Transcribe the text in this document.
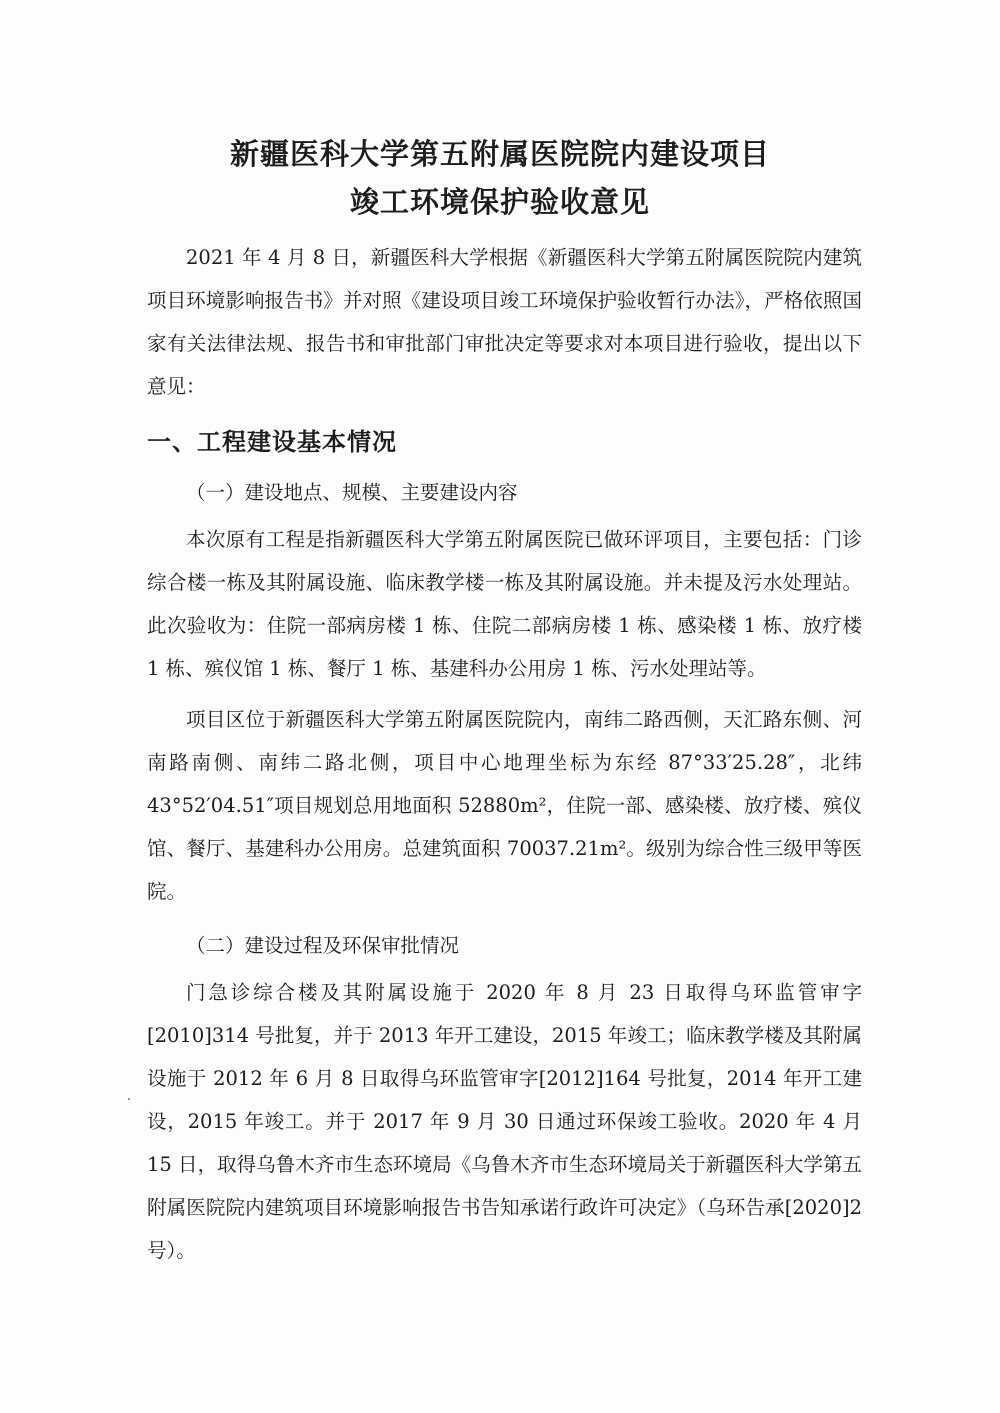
新疆医科大学第五附属医院院内建设项目
竣工环境保护验收意见

2021 年 4 月 8 日，新疆医科大学根据《新疆医科大学第五附属医院院内建筑项目环境影响报告书》并对照《建设项目竣工环境保护验收暂行办法》，严格依照国家有关法律法规、报告书和审批部门审批决定等要求对本项目进行验收，提出以下意见：

一、工程建设基本情况

（一）建设地点、规模、主要建设内容

本次原有工程是指新疆医科大学第五附属医院已做环评项目，主要包括：门诊综合楼一栋及其附属设施、临床教学楼一栋及其附属设施。并未提及污水处理站。此次验收为：住院一部病房楼 1 栋、住院二部病房楼 1 栋、感染楼 1 栋、放疗楼 1 栋、殡仪馆 1 栋、餐厅 1 栋、基建科办公用房 1 栋、污水处理站等。

项目区位于新疆医科大学第五附属医院院内，南纬二路西侧，天汇路东侧、河南路南侧、南纬二路北侧，项目中心地理坐标为东经 87°33′25.28″，北纬 43°52′04.51″项目规划总用地面积 52880m²，住院一部、感染楼、放疗楼、殡仪馆、餐厅、基建科办公用房。总建筑面积 70037.21m²。级别为综合性三级甲等医院。

（二）建设过程及环保审批情况

门急诊综合楼及其附属设施于 2020 年 8 月 23 日取得乌环监管审字[2010]314 号批复，并于 2013 年开工建设，2015 年竣工；临床教学楼及其附属设施于 2012 年 6 月 8 日取得乌环监管审字[2012]164 号批复，2014 年开工建设，2015 年竣工。并于 2017 年 9 月 30 日通过环保竣工验收。2020 年 4 月 15 日，取得乌鲁木齐市生态环境局《乌鲁木齐市生态环境局关于新疆医科大学第五附属医院院内建筑项目环境影响报告书告知承诺行政许可决定》（乌环告承[2020]2 号）。
